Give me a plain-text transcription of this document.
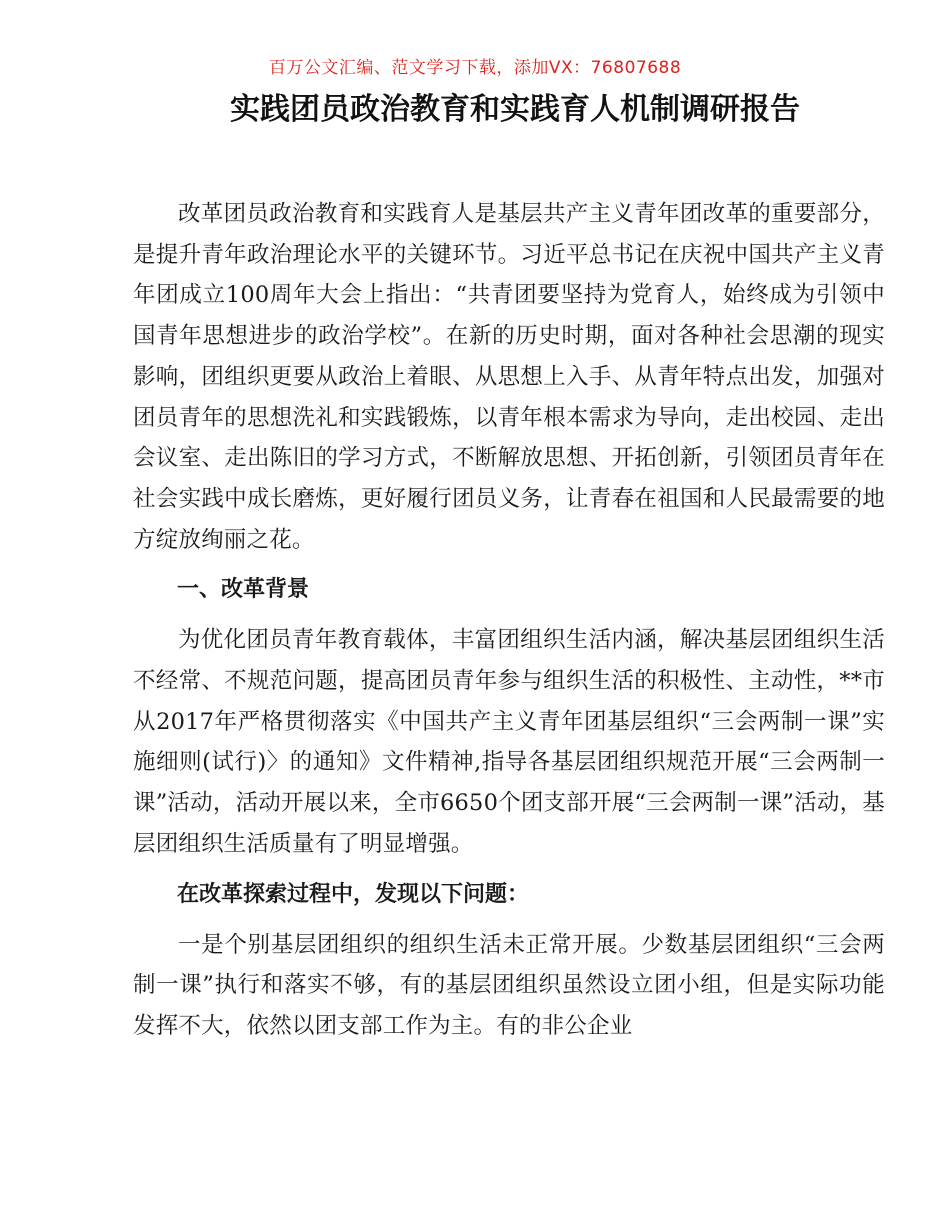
百万公文汇编、范文学习下载，添加VX：76807688
实践团员政治教育和实践育人机制调研报告

改革团员政治教育和实践育人是基层共产主义青年团改革的重要部分，是提升青年政治理论水平的关键环节。习近平总书记在庆祝中国共产主义青年团成立100周年大会上指出：“共青团要坚持为党育人，始终成为引领中国青年思想进步的政治学校”。在新的历史时期，面对各种社会思潮的现实影响，团组织更要从政治上着眼、从思想上入手、从青年特点出发，加强对团员青年的思想洗礼和实践锻炼，以青年根本需求为导向，走出校园、走出会议室、走出陈旧的学习方式，不断解放思想、开拓创新，引领团员青年在社会实践中成长磨炼，更好履行团员义务，让青春在祖国和人民最需要的地方绽放绚丽之花。

一、改革背景

为优化团员青年教育载体，丰富团组织生活内涵，解决基层团组织生活不经常、不规范问题，提高团员青年参与组织生活的积极性、主动性，**市从2017年严格贯彻落实《中国共产主义青年团基层组织“三会两制一课”实施细则(试行)〉的通知》文件精神,指导各基层团组织规范开展“三会两制一课”活动，活动开展以来，全市6650个团支部开展“三会两制一课”活动，基层团组织生活质量有了明显增强。

在改革探索过程中，发现以下问题：

一是个别基层团组织的组织生活未正常开展。少数基层团组织“三会两制一课”执行和落实不够，有的基层团组织虽然设立团小组，但是实际功能发挥不大，依然以团支部工作为主。有的非公企业
